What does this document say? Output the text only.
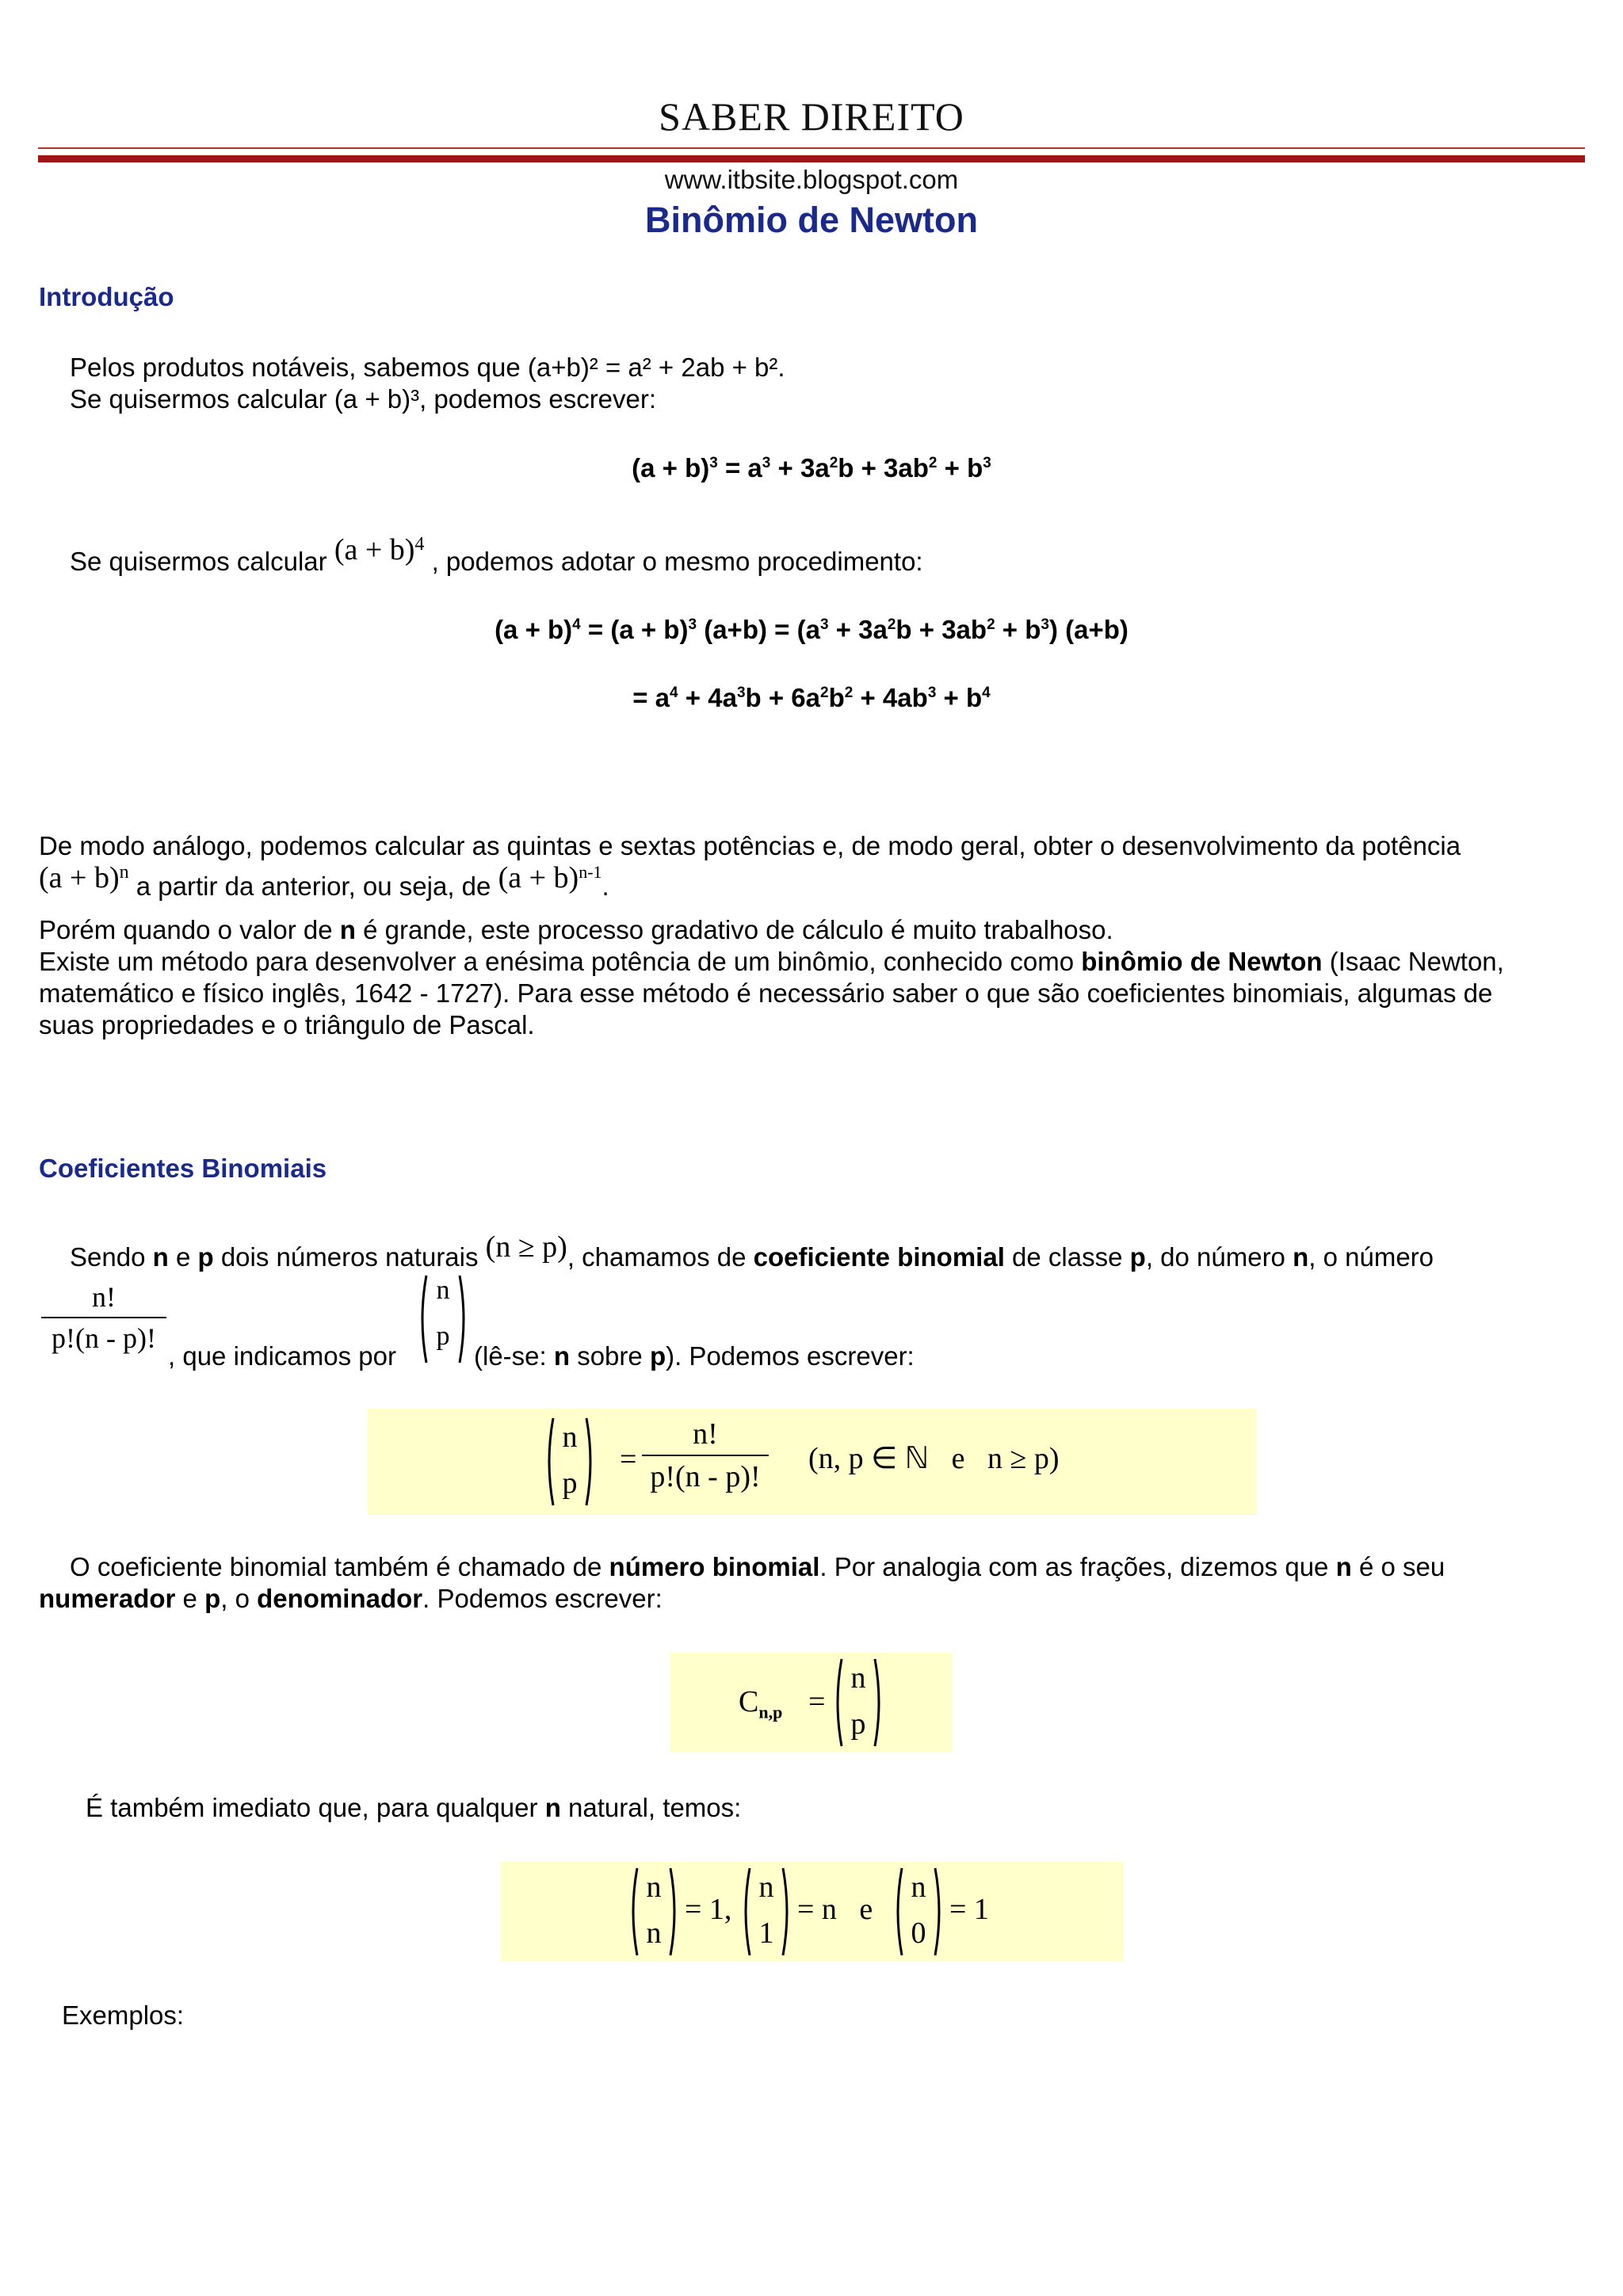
SABER DIREITO
www.itbsite.blogspot.com
Binômio de Newton
Introdução
Pelos produtos notáveis, sabemos que (a+b)² = a² + 2ab + b².
Se quisermos calcular (a + b)³, podemos escrever:
$(a + b)^3 = a^3 + 3a^2b + 3ab^2 + b^3$
Se quisermos calcular $(a + b)^4$ , podemos adotar o mesmo procedimento:
$(a + b)^4 = (a + b)^3$ $(a+b) = (a^3 + 3a^2b + 3ab^2 + b^3)$ (a+b)
= $a^4 + 4a^3b + 6a^2b^2 + 4ab^3 + b^4$
De modo análogo, podemos calcular as quintas e sextas potências e, de modo geral, obter o desenvolvimento da potência
$(a + b)^n$ a partir da anterior, ou seja, de $(a + b)^{n-1}$.
Porém quando o valor de n é grande, este processo gradativo de cálculo é muito trabalhoso.
Existe um método para desenvolver a enésima potência de um binômio, conhecido como binômio de Newton (Isaac Newton,
matemático e físico inglês, 1642 - 1727). Para esse método é necessário saber o que são coeficientes binomiais, algumas de
suas propriedades e o triângulo de Pascal.
Coeficientes Binomiais
Sendo n e p dois números naturais (n ≥ p), chamamos de coeficiente binomial de classe p, do número n, o número
n!
p!(n - p)!
n
p
, que indicamos por	(lê-se: n sobre p). Podemos escrever:
n
p
=
n!
p!(n - p)!
(n, p ∈ ℕ   e   n ≥ p)
O coeficiente binomial também é chamado de número binomial. Por analogia com as frações, dizemos que n é o seu
numerador e p, o denominador. Podemos escrever:
$C_{n,p}$ =
n
p
É também imediato que, para qualquer n natural, temos:
n
n
= 1,
n
1
= n   e
n
0
= 1
Exemplos:
